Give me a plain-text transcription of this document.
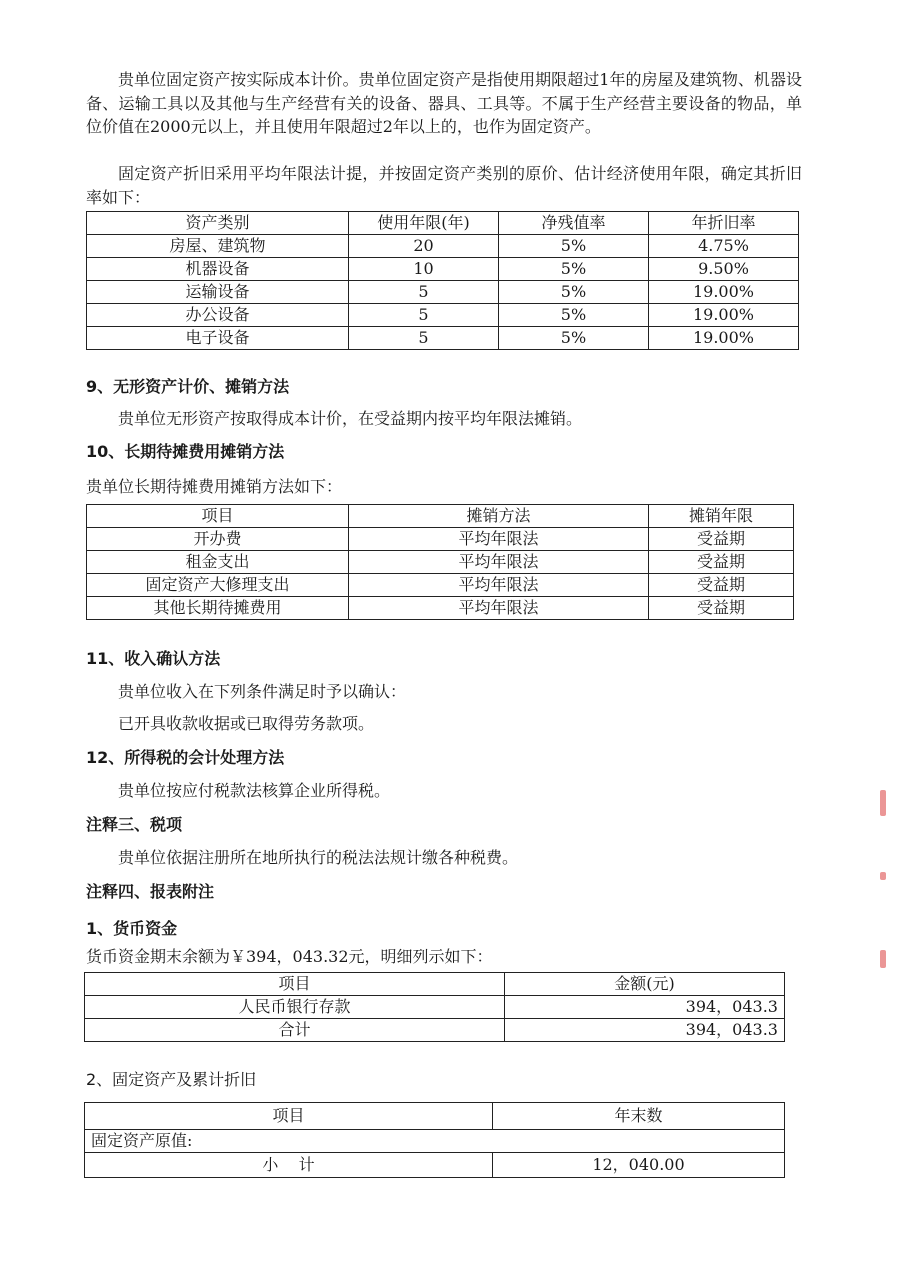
贵单位固定资产按实际成本计价。贵单位固定资产是指使用期限超过1年的房屋及建筑物、机器设备、运输工具以及其他与生产经营有关的设备、器具、工具等。不属于生产经营主要设备的物品，单位价值在2000元以上，并且使用年限超过2年以上的，也作为固定资产。

固定资产折旧采用平均年限法计提，并按固定资产类别的原价、估计经济使用年限，确定其折旧率如下：

资产类别	使用年限(年)	净残值率	年折旧率
房屋、建筑物	20	5%	4.75%
机器设备	10	5%	9.50%
运输设备	5	5%	19.00%
办公设备	5	5%	19.00%
电子设备	5	5%	19.00%

9、无形资产计价、摊销方法

贵单位无形资产按取得成本计价，在受益期内按平均年限法摊销。

10、长期待摊费用摊销方法

贵单位长期待摊费用摊销方法如下：

项目	摊销方法	摊销年限
开办费	平均年限法	受益期
租金支出	平均年限法	受益期
固定资产大修理支出	平均年限法	受益期
其他长期待摊费用	平均年限法	受益期

11、收入确认方法

贵单位收入在下列条件满足时予以确认：

已开具收款收据或已取得劳务款项。

12、所得税的会计处理方法

贵单位按应付税款法核算企业所得税。

注释三、税项

贵单位依据注册所在地所执行的税法法规计缴各种税费。

注释四、报表附注

1、货币资金

货币资金期末余额为￥394，043.32元，明细列示如下：

项目	金额(元)
人民币银行存款	394，043.3
合计	394，043.3

2、固定资产及累计折旧

项目	年末数
固定资产原值:	
小    计	12，040.00
